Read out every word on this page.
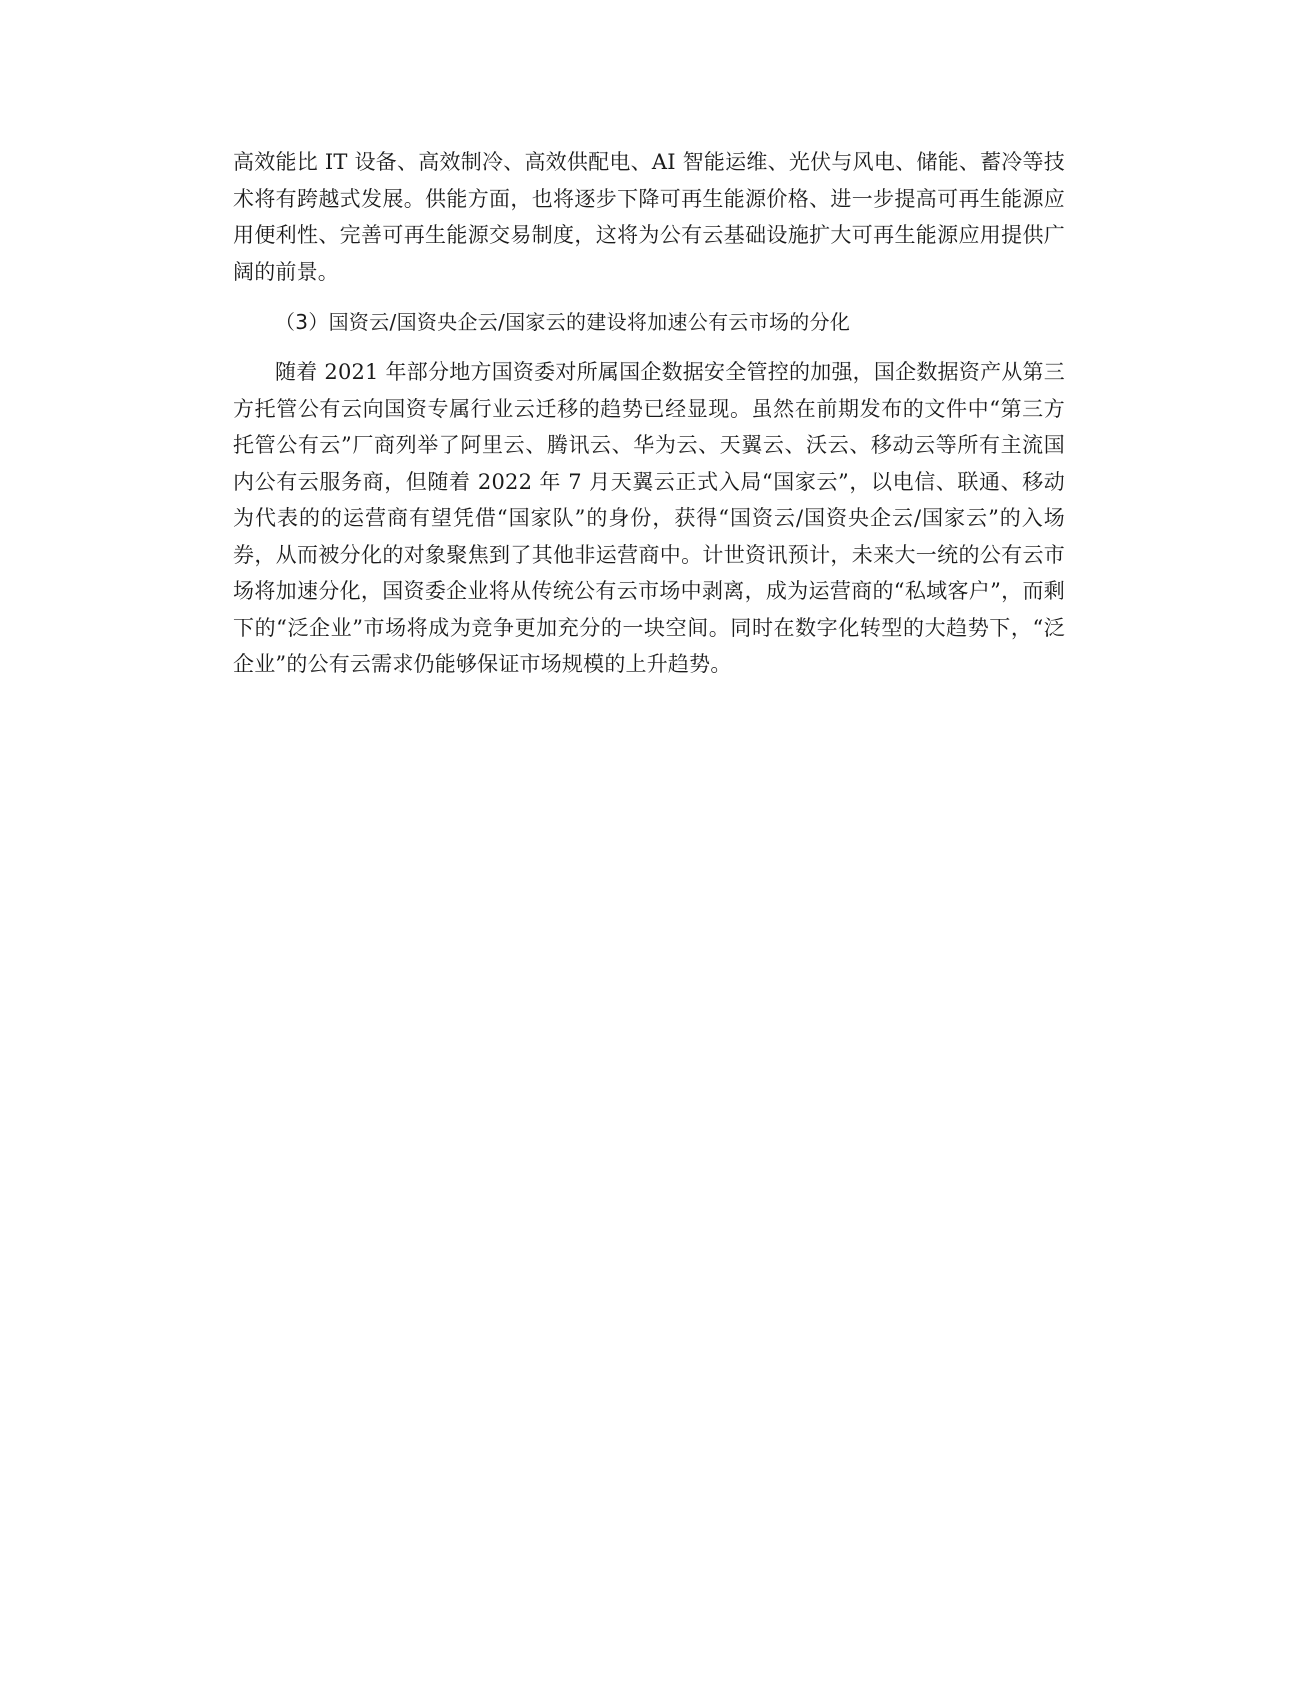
高效能比 IT 设备、高效制冷、高效供配电、AI 智能运维、光伏与风电、储能、蓄冷等技术将有跨越式发展。供能方面，也将逐步下降可再生能源价格、进一步提高可再生能源应用便利性、完善可再生能源交易制度，这将为公有云基础设施扩大可再生能源应用提供广阔的前景。

（3）国资云/国资央企云/国家云的建设将加速公有云市场的分化

随着 2021 年部分地方国资委对所属国企数据安全管控的加强，国企数据资产从第三方托管公有云向国资专属行业云迁移的趋势已经显现。虽然在前期发布的文件中“第三方托管公有云”厂商列举了阿里云、腾讯云、华为云、天翼云、沃云、移动云等所有主流国内公有云服务商，但随着 2022 年 7 月天翼云正式入局“国家云”，以电信、联通、移动为代表的的运营商有望凭借“国家队”的身份，获得“国资云/国资央企云/国家云”的入场券，从而被分化的对象聚焦到了其他非运营商中。计世资讯预计，未来大一统的公有云市场将加速分化，国资委企业将从传统公有云市场中剥离，成为运营商的“私域客户”，而剩下的“泛企业”市场将成为竞争更加充分的一块空间。同时在数字化转型的大趋势下，“泛企业”的公有云需求仍能够保证市场规模的上升趋势。
